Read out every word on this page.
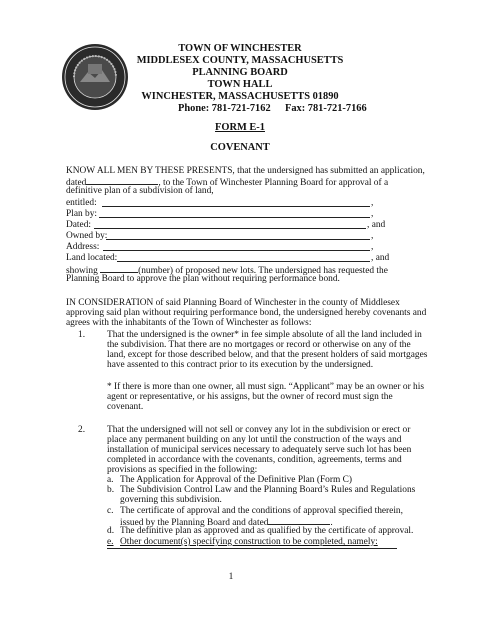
TOWN OF WINCHESTER
MIDDLESEX COUNTY, MASSACHUSETTS
PLANNING BOARD
TOWN HALL
WINCHESTER, MASSACHUSETTS 01890
Phone: 781-721-7162 Fax: 781-721-7166
FORM E-1
COVENANT
KNOW ALL MEN BY THESE PRESENTS, that the undersigned has submitted an application,
dated	, to the Town of Winchester Planning Board for approval of a
definitive plan of a subdivision of land,
entitled:	,
Plan by:	,
Dated:	, and
Owned by:	,
Address:	,
Land located:	, and
showing	(number) of proposed new lots. The undersigned has requested the
Planning Board to approve the plan without requiring performance bond.
IN CONSIDERATION of said Planning Board of Winchester in the county of Middlesex
approving said plan without requiring performance bond, the undersigned hereby covenants and
agrees with the inhabitants of the Town of Winchester as follows:
1. That the undersigned is the owner* in fee simple absolute of all the land included in
the subdivision. That there are no mortgages or record or otherwise on any of the
land, except for those described below, and that the present holders of said mortgages
have assented to this contract prior to its execution by the undersigned.
* If there is more than one owner, all must sign. “Applicant” may be an owner or his
agent or representative, or his assigns, but the owner of record must sign the
covenant.
2. That the undersigned will not sell or convey any lot in the subdivision or erect or
place any permanent building on any lot until the construction of the ways and
installation of municipal services necessary to adequately serve such lot has been
completed in accordance with the covenants, condition, agreements, terms and
provisions as specified in the following:
a. The Application for Approval of the Definitive Plan (Form C)
b. The Subdivision Control Law and the Planning Board’s Rules and Regulations
governing this subdivision.
c. The certificate of approval and the conditions of approval specified therein,
issued by the Planning Board and dated	.
d. The definitive plan as approved and as qualified by the certificate of approval.
e. Other document(s) specifying construction to be completed, namely:
1
